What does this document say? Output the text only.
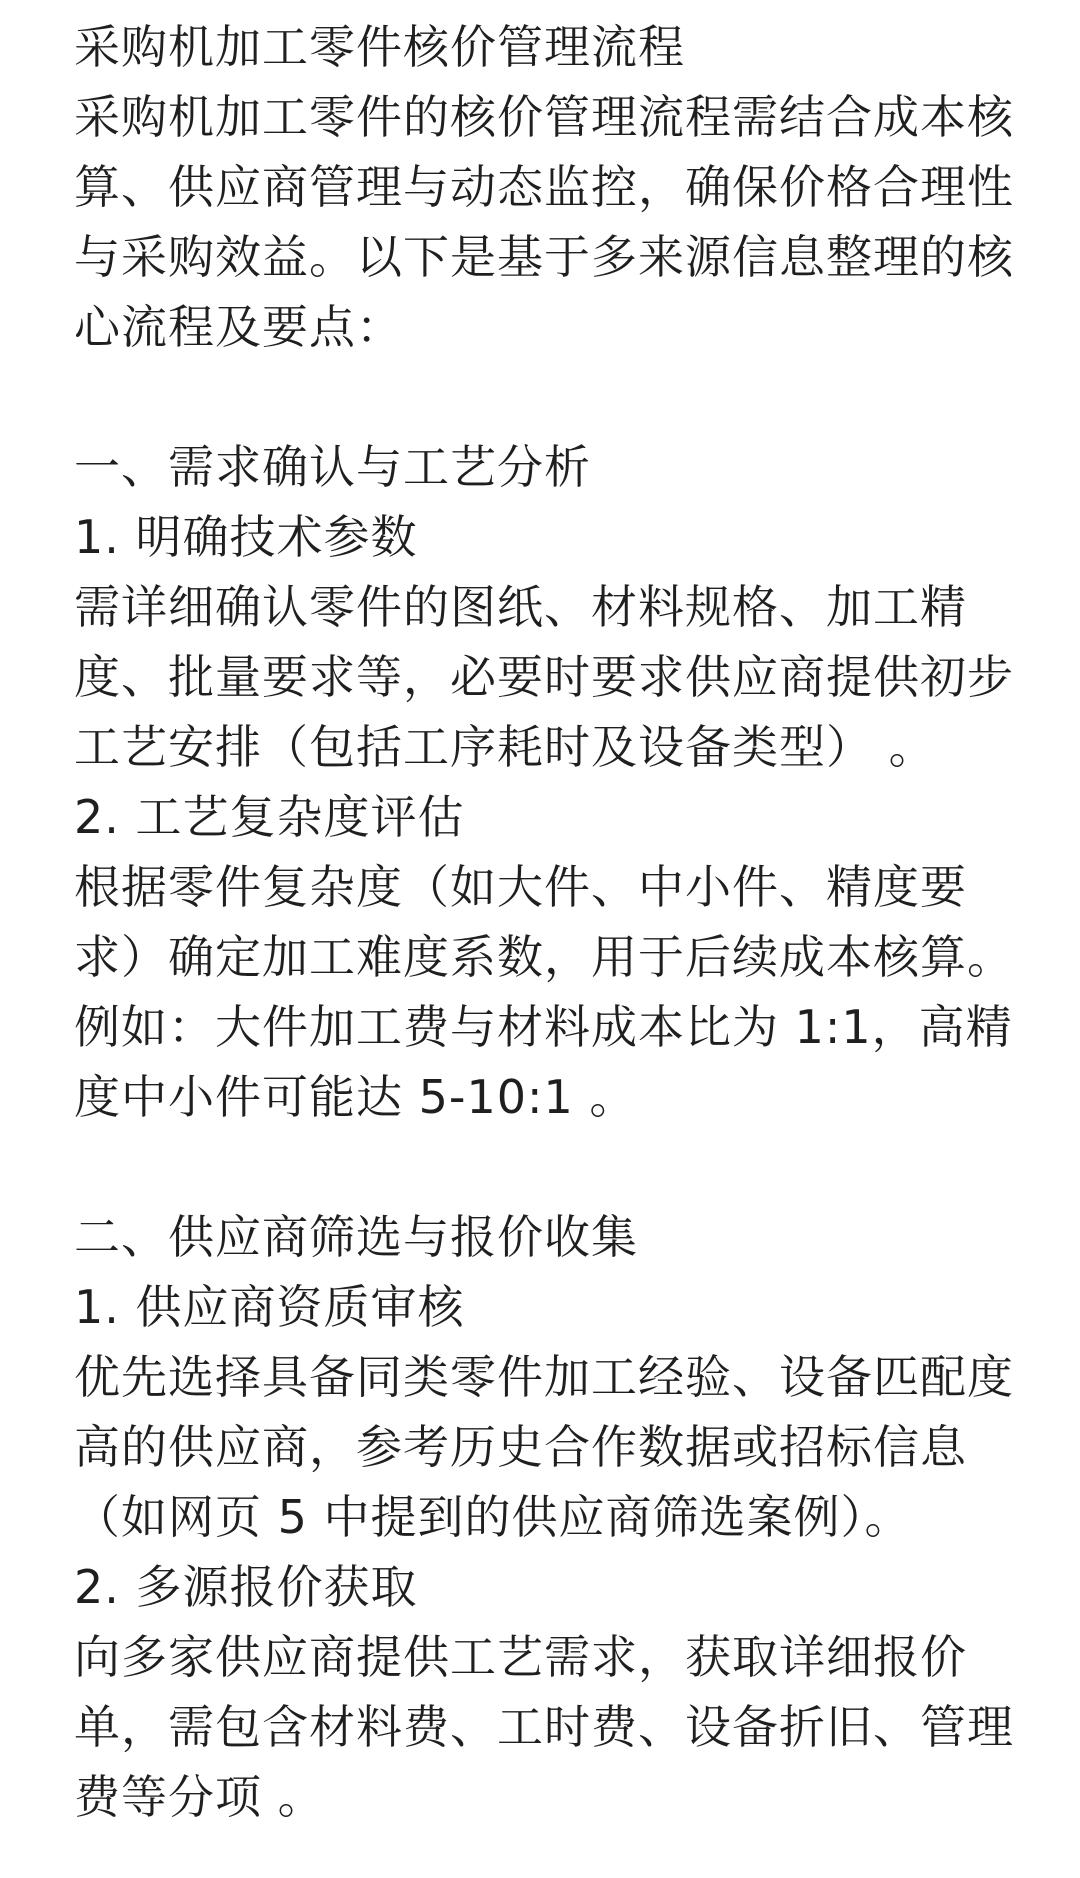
采购机加工零件核价管理流程
采购机加工零件的核价管理流程需结合成本核
算、供应商管理与动态监控，确保价格合理性
与采购效益。以下是基于多来源信息整理的核
心流程及要点：
一、需求确认与工艺分析
1. 明确技术参数
需详细确认零件的图纸、材料规格、加工精
度、批量要求等，必要时要求供应商提供初步
工艺安排（包括工序耗时及设备类型） 。
2. 工艺复杂度评估
根据零件复杂度（如大件、中小件、精度要
求）确定加工难度系数，用于后续成本核算。
例如：大件加工费与材料成本比为 1:1，高精
度中小件可能达 5-10:1 。
二、供应商筛选与报价收集
1. 供应商资质审核
优先选择具备同类零件加工经验、设备匹配度
高的供应商，参考历史合作数据或招标信息
（如网页 5 中提到的供应商筛选案例）。
2. 多源报价获取
向多家供应商提供工艺需求，获取详细报价
单，需包含材料费、工时费、设备折旧、管理
费等分项 。
